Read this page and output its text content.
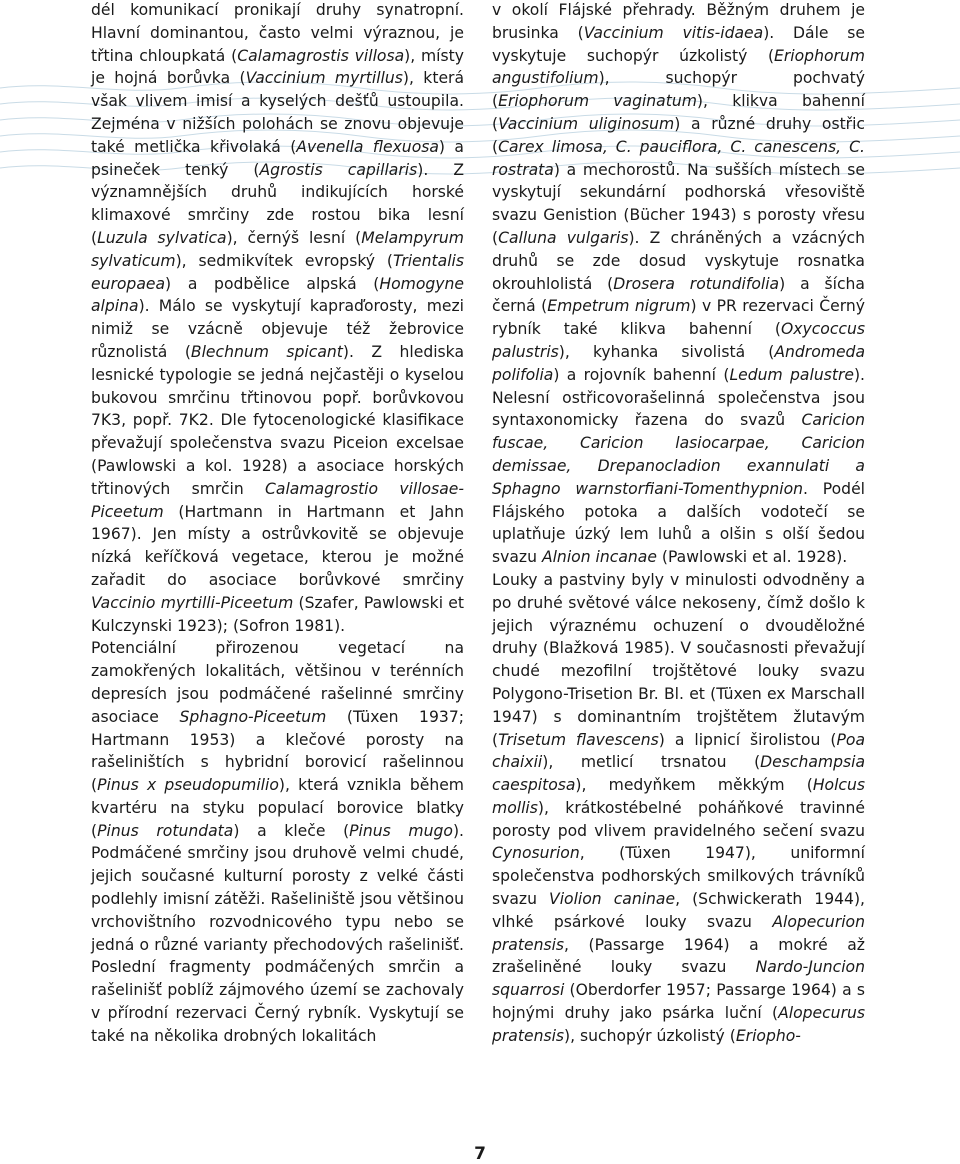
dél komunikací pronikají druhy synatropní. Hlavní dominantou, často velmi výraznou, je třtina chloupkatá (Calamagrostis villosa), místy je hojná borůvka (Vaccinium myrtillus), která však vlivem imisí a kyselých dešťů ustoupila. Zejména v nižších polohách se znovu objevuje také metlička křivolaká (Avenella flexuosa) a psineček tenký (Agrostis capillaris). Z významnějších druhů indikujících horské klimaxové smrčiny zde rostou bika lesní (Luzula sylvatica), černýš lesní (Melampyrum sylvaticum), sedmikvítek evropský (Trientalis europaea) a podbělice alpská (Homogyne alpina). Málo se vyskytují kapraďorosty, mezi nimiž se vzácně objevuje též žebrovice různolistá (Blechnum spicant). Z hlediska lesnické typologie se jedná nejčastěji o kyselou bukovou smrčinu třtinovou popř. borůvkovou 7K3, popř. 7K2. Dle fytocenologické klasifikace převažují společenstva svazu Piceion excelsae (Pawlowski a kol. 1928) a asociace horských třtinových smrčin Calamagrostio villosae-Piceetum (Hartmann in Hartmann et Jahn 1967). Jen místy a ostrůvkovitě se objevuje nízká keříčková vegetace, kterou je možné zařadit do asociace borůvkové smrčiny Vaccinio myrtilli-Piceetum (Szafer, Pawlowski et Kulczynski 1923); (Sofron 1981).

Potenciální přirozenou vegetací na zamokřených lokalitách, většinou v terénních depresích jsou podmáčené rašelinné smrčiny asociace Sphagno-Piceetum (Tüxen 1937; Hartmann 1953) a klečové porosty na rašeliništích s hybridní borovicí rašelinnou (Pinus x pseudopumilio), která vznikla během kvartéru na styku populací borovice blatky (Pinus rotundata) a kleče (Pinus mugo). Podmáčené smrčiny jsou druhově velmi chudé, jejich současné kulturní porosty z velké části podlehly imisní zátěži. Rašeliniště jsou většinou vrchovištního rozvodnicového typu nebo se jedná o různé varianty přechodových rašelinišť. Poslední fragmenty podmáčených smrčin a rašelinišť poblíž zájmového území se zachovaly v přírodní rezervaci Černý rybník. Vyskytují se také na několika drobných lokalitách

v okolí Flájské přehrady. Běžným druhem je brusinka (Vaccinium vitis-idaea). Dále se vyskytuje suchopýr úzkolistý (Eriophorum angustifolium), suchopýr pochvatý (Eriophorum vaginatum), klikva bahenní (Vaccinium uliginosum) a různé druhy ostřic (Carex limosa, C. pauciflora, C. canescens, C. rostrata) a mechorostů. Na sušších místech se vyskytují sekundární podhorská vřesoviště svazu Genistion (Bücher 1943) s porosty vřesu (Calluna vulgaris). Z chráněných a vzácných druhů se zde dosud vyskytuje rosnatka okrouhlolistá (Drosera rotundifolia) a šícha černá (Empetrum nigrum) v PR rezervaci Černý rybník také klikva bahenní (Oxycoccus palustris), kyhanka sivolistá (Andromeda polifolia) a rojovník bahenní (Ledum palustre). Nelesní ostřicovorašelinná společenstva jsou syntaxonomicky řazena do svazů Caricion fuscae, Caricion lasiocarpae, Caricion demissae, Drepanocladion exannulati a Sphagno warnstorfiani-Tomenthypnion. Podél Flájského potoka a dalších vodotečí se uplatňuje úzký lem luhů a olšin s olší šedou svazu Alnion incanae (Pawlowski et al. 1928).

Louky a pastviny byly v minulosti odvodněny a po druhé světové válce nekoseny, čímž došlo k jejich výraznému ochuzení o dvouděložné druhy (Blažková 1985). V současnosti převažují chudé mezofilní trojštětové louky svazu Polygono-Trisetion Br. Bl. et (Tüxen ex Marschall 1947) s dominantním trojštětem žlutavým (Trisetum flavescens) a lipnicí širolistou (Poa chaixii), metlicí trsnatou (Deschampsia caespitosa), medyňkem měkkým (Holcus mollis), krátkostébelné poháňkové travinné porosty pod vlivem pravidelného sečení svazu Cynosurion, (Tüxen 1947), uniformní společenstva podhorských smilkových trávníků svazu Violion caninae, (Schwickerath 1944), vlhké psárkové louky svazu Alopecurion pratensis, (Passarge 1964) a mokré až zrašeliněné louky svazu Nardo-Juncion squarrosi (Oberdorfer 1957; Passarge 1964) a s hojnými druhy jako psárka luční (Alopecurus pratensis), suchopýr úzkolistý (Eriopho-

7
